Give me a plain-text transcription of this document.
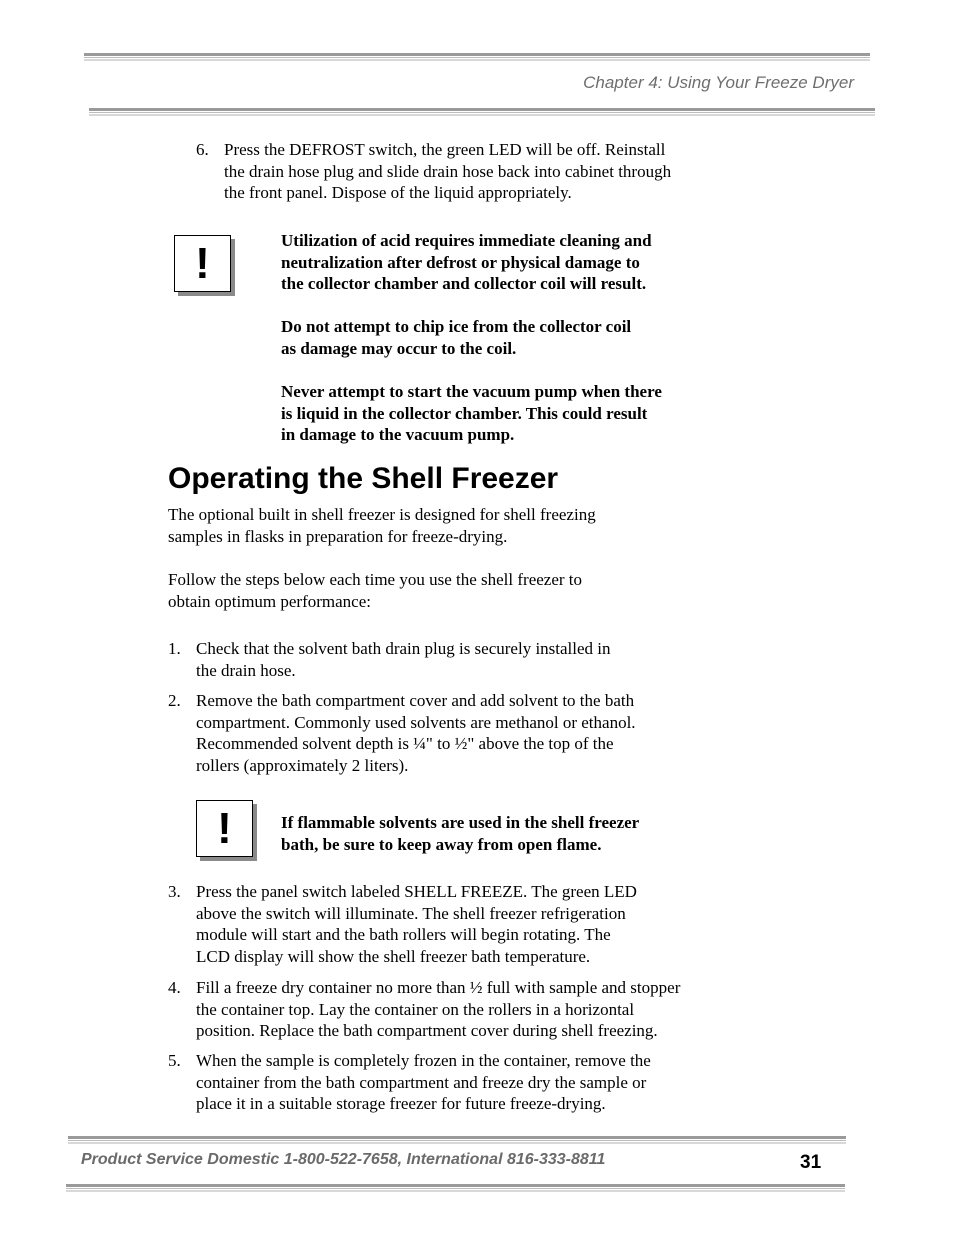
Chapter 4: Using Your Freeze Dryer
6. Press the DEFROST switch, the green LED will be off. Reinstall
the drain hose plug and slide drain hose back into cabinet through
the front panel. Dispose of the liquid appropriately.
!	Utilization of acid requires immediate cleaning and
neutralization after defrost or physical damage to
the collector chamber and collector coil will result.
Do not attempt to chip ice from the collector coil
as damage may occur to the coil.
Never attempt to start the vacuum pump when there
is liquid in the collector chamber. This could result
in damage to the vacuum pump.
Operating the Shell Freezer
The optional built in shell freezer is designed for shell freezing
samples in flasks in preparation for freeze-drying.
Follow the steps below each time you use the shell freezer to
obtain optimum performance:
1. Check that the solvent bath drain plug is securely installed in
the drain hose.
2. Remove the bath compartment cover and add solvent to the bath
compartment. Commonly used solvents are methanol or ethanol.
Recommended solvent depth is ¼" to ½" above the top of the
rollers (approximately 2 liters).
!	If flammable solvents are used in the shell freezer
bath, be sure to keep away from open flame.
3. Press the panel switch labeled SHELL FREEZE. The green LED
above the switch will illuminate. The shell freezer refrigeration
module will start and the bath rollers will begin rotating. The
LCD display will show the shell freezer bath temperature.
4. Fill a freeze dry container no more than ½ full with sample and stopper
the container top. Lay the container on the rollers in a horizontal
position. Replace the bath compartment cover during shell freezing.
5. When the sample is completely frozen in the container, remove the
container from the bath compartment and freeze dry the sample or
place it in a suitable storage freezer for future freeze-drying.
Product Service Domestic 1-800-522-7658, International 816-333-8811	31
